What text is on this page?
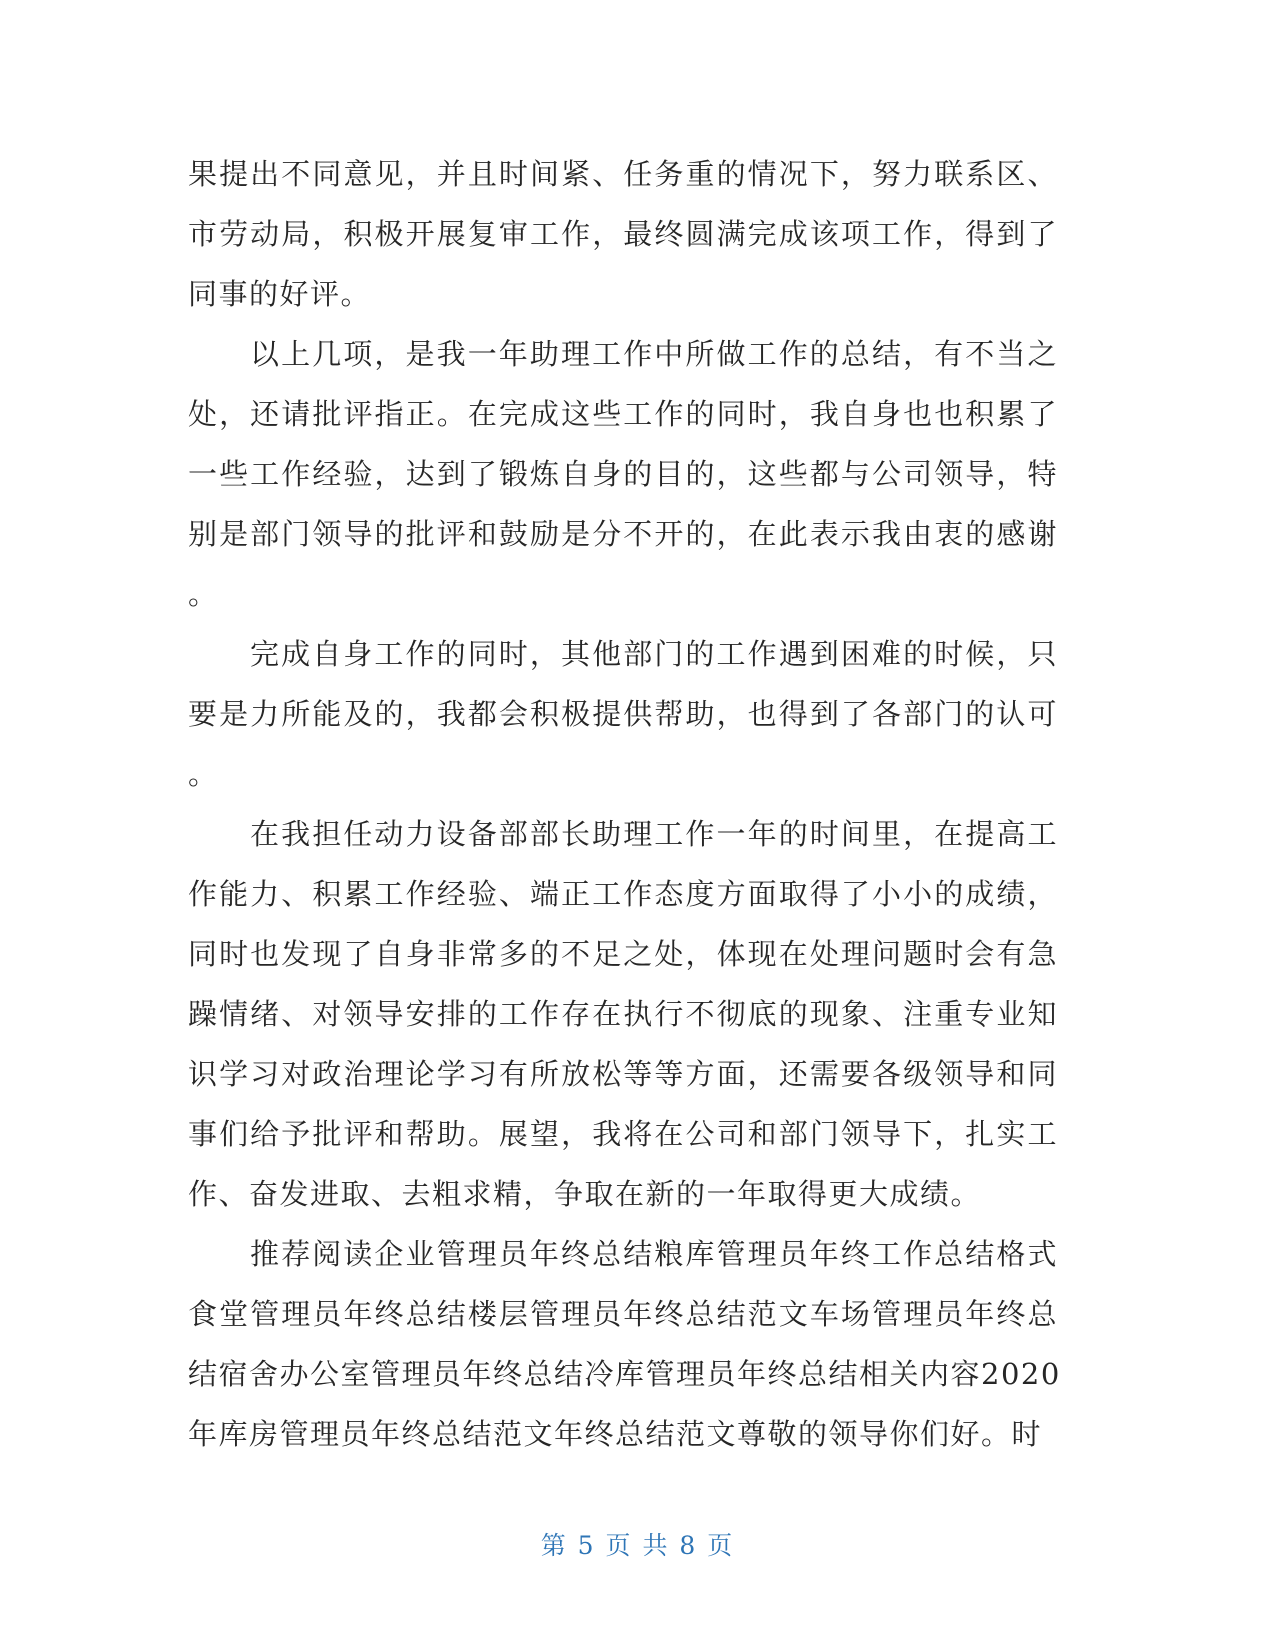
果提出不同意见，并且时间紧、任务重的情况下，努力联系区、
市劳动局，积极开展复审工作，最终圆满完成该项工作，得到了
同事的好评。
以上几项，是我一年助理工作中所做工作的总结，有不当之
处，还请批评指正。在完成这些工作的同时，我自身也也积累了
一些工作经验，达到了锻炼自身的目的，这些都与公司领导，特
别是部门领导的批评和鼓励是分不开的，在此表示我由衷的感谢
。
完成自身工作的同时，其他部门的工作遇到困难的时候，只
要是力所能及的，我都会积极提供帮助，也得到了各部门的认可
。
在我担任动力设备部部长助理工作一年的时间里，在提高工
作能力、积累工作经验、端正工作态度方面取得了小小的成绩，
同时也发现了自身非常多的不足之处，体现在处理问题时会有急
躁情绪、对领导安排的工作存在执行不彻底的现象、注重专业知
识学习对政治理论学习有所放松等等方面，还需要各级领导和同
事们给予批评和帮助。展望，我将在公司和部门领导下，扎实工
作、奋发进取、去粗求精，争取在新的一年取得更大成绩。
推荐阅读企业管理员年终总结粮库管理员年终工作总结格式
食堂管理员年终总结楼层管理员年终总结范文车场管理员年终总
结宿舍办公室管理员年终总结冷库管理员年终总结相关内容2020
年库房管理员年终总结范文年终总结范文尊敬的领导你们好。时
第 5 页 共 8 页
